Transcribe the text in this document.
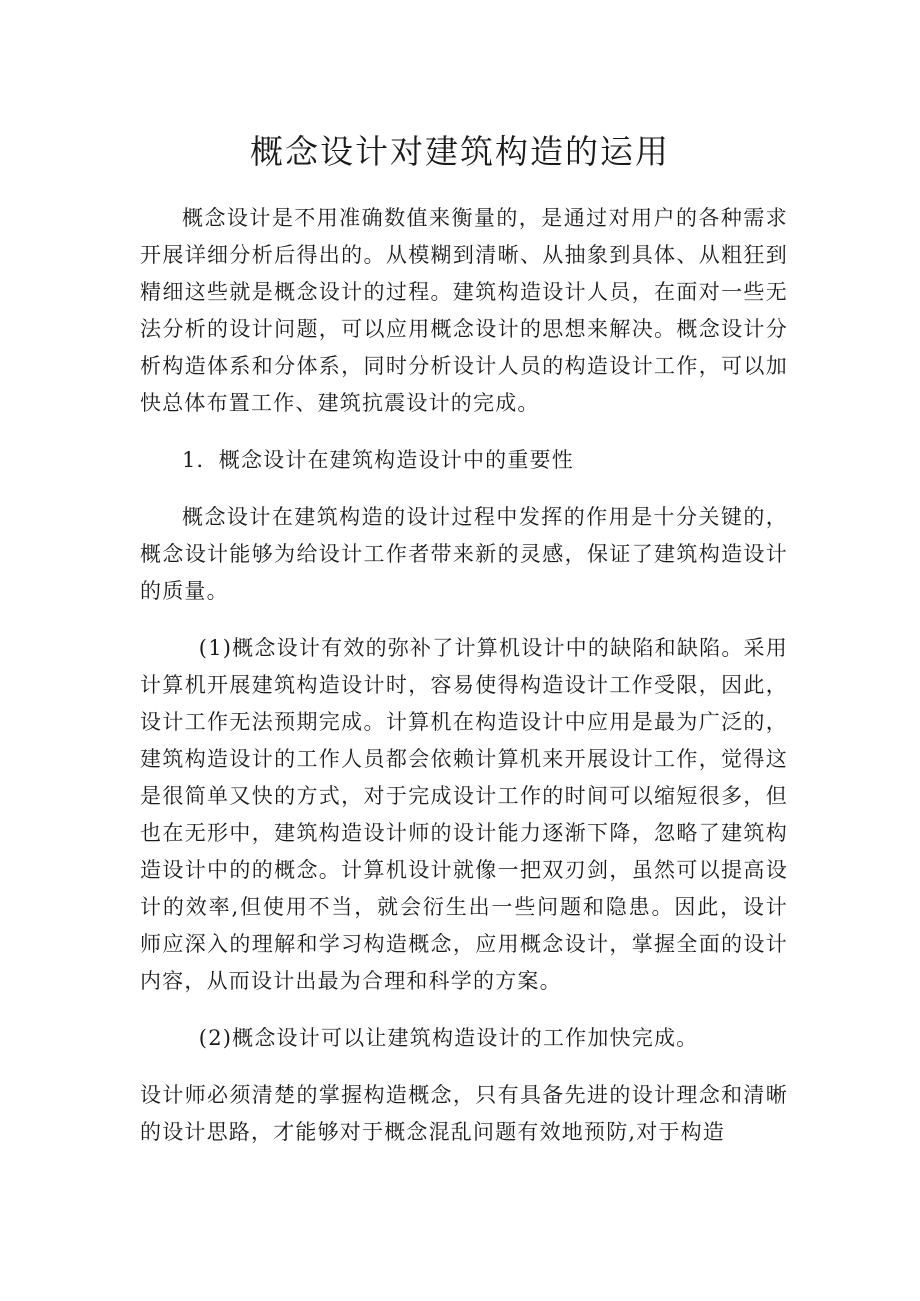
概念设计对建筑构造的运用

概念设计是不用准确数值来衡量的，是通过对用户的各种需求开展详细分析后得出的。从模糊到清晰、从抽象到具体、从粗狂到精细这些就是概念设计的过程。建筑构造设计人员，在面对一些无法分析的设计问题，可以应用概念设计的思想来解决。概念设计分析构造体系和分体系，同时分析设计人员的构造设计工作，可以加快总体布置工作、建筑抗震设计的完成。

1．概念设计在建筑构造设计中的重要性

概念设计在建筑构造的设计过程中发挥的作用是十分关键的，概念设计能够为给设计工作者带来新的灵感，保证了建筑构造设计的质量。

(1)概念设计有效的弥补了计算机设计中的缺陷和缺陷。采用计算机开展建筑构造设计时，容易使得构造设计工作受限，因此，设计工作无法预期完成。计算机在构造设计中应用是最为广泛的，建筑构造设计的工作人员都会依赖计算机来开展设计工作，觉得这是很简单又快的方式，对于完成设计工作的时间可以缩短很多，但也在无形中，建筑构造设计师的设计能力逐渐下降，忽略了建筑构造设计中的的概念。计算机设计就像一把双刃剑，虽然可以提高设计的效率,但使用不当，就会衍生出一些问题和隐患。因此，设计师应深入的理解和学习构造概念，应用概念设计，掌握全面的设计内容，从而设计出最为合理和科学的方案。

(2)概念设计可以让建筑构造设计的工作加快完成。

设计师必须清楚的掌握构造概念，只有具备先进的设计理念和清晰的设计思路，才能够对于概念混乱问题有效地预防,对于构造
